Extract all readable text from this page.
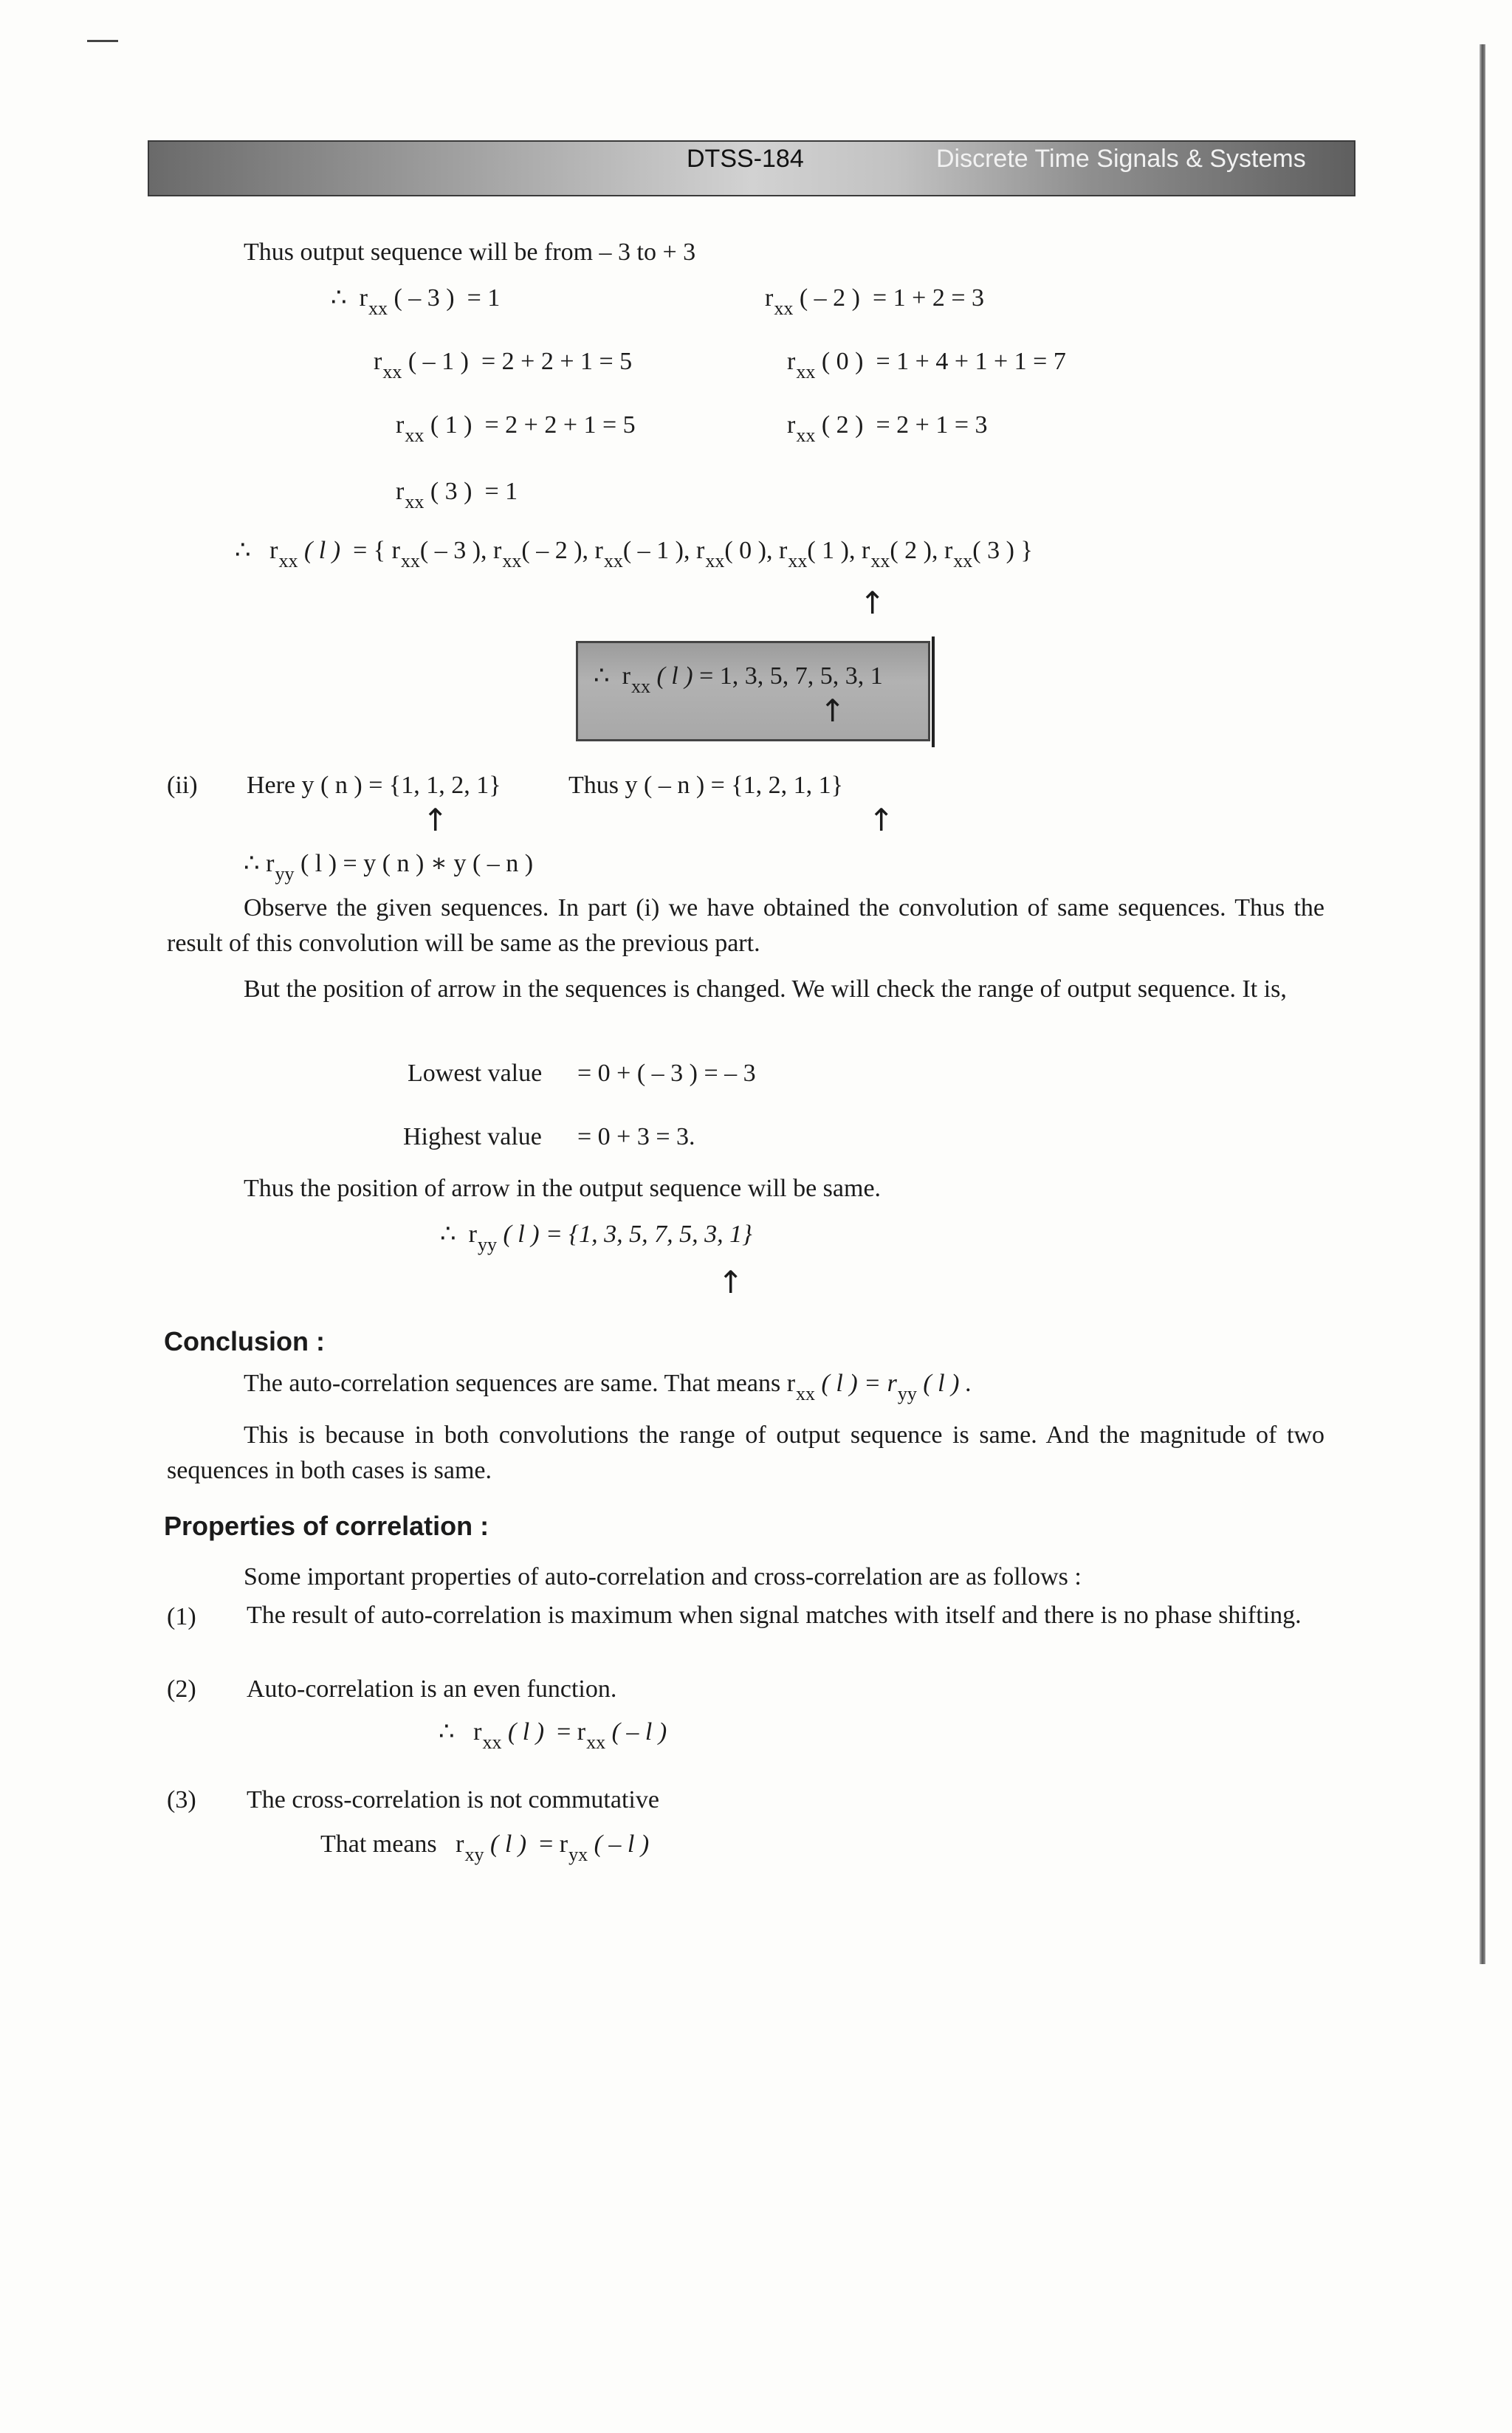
DTSS-184	Discrete Time Signals & Systems
Thus output sequence will be from – 3 to + 3
∴ $r_{xx}$ ( – 3 ) = 1	$r_{xx}$ ( – 2 ) = 1 + 2 = 3
$r_{xx}$ ( – 1 ) = 2 + 2 + 1 = 5	$r_{xx}$ ( 0 ) = 1 + 4 + 1 + 1 = 7
$r_{xx}$ ( 1 ) = 2 + 2 + 1 = 5	$r_{xx}$ ( 2 ) = 2 + 1 = 3
$r_{xx}$ ( 3 ) = 1
∴ $r_{xx}$ ( l ) = { $r_{xx}( - 3$ ), $r_{xx}( - 2$ ), $r_{xx}( - 1$ ), $r_{xx}$( 0 ), $r_{xx}$( 1 ), $r_{xx}$( 2 ), $r_{xx}$( 3 ) }
↑
∴ $r_{xx}$ ( l ) = 1, 3, 5, 7, 5, 3, 1
↑
(ii) Here y ( n ) = {1, 1, 2, 1}	Thus y ( – n ) = {1, 2, 1, 1}
↑	↑
∴ $r_{yy}$ ( l ) = y ( n ) ∗ y ( – n )
Observe the given sequences. In part (i) we have obtained the convolution of same sequences. Thus the result of this convolution will be same as the previous part.
But the position of arrow in the sequences is changed. We will check the range of output sequence. It is,
Lowest value = 0 + ( – 3 ) = – 3
Highest value = 0 + 3 = 3.
Thus the position of arrow in the output sequence will be same.
∴ $r_{yy}$ ( l ) = {1, 3, 5, 7, 5, 3, 1}
↑
Conclusion :
The auto-correlation sequences are same. That means $r_{xx}$ ( l ) = $r_{yy}$ ( l ) .
This is because in both convolutions the range of output sequence is same. And the magnitude of two sequences in both cases is same.
Properties of correlation :
Some important properties of auto-correlation and cross-correlation are as follows :
(1) The result of auto-correlation is maximum when signal matches with itself and there is no phase shifting.
(2) Auto-correlation is an even function.
∴ $r_{xx}$ ( l ) = $r_{xx}$ ( – l )
(3) The cross-correlation is not commutative
That means $r_{xy}$ ( l ) = $r_{yx}$ ( – l )
